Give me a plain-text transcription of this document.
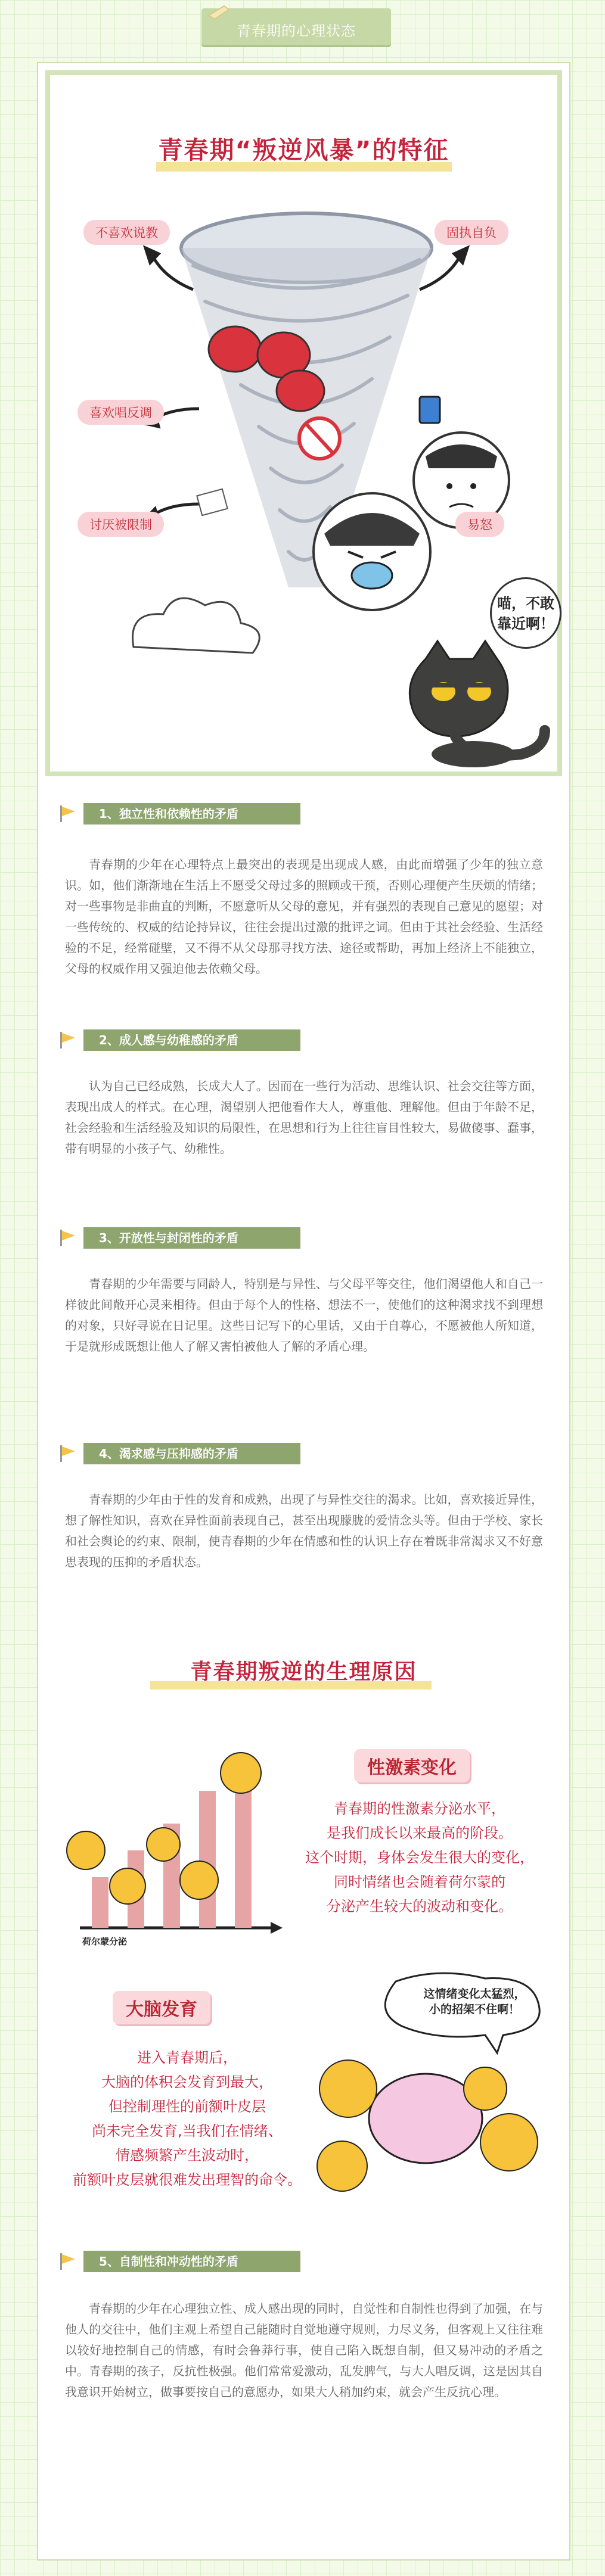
青春期的心理状态
青春期“叛逆风暴”的特征
不喜欢说教	固执自负
喜欢唱反调
讨厌被限制	易怒
喵，不敢
靠近啊！
1、独立性和依赖性的矛盾

青春期的少年在心理特点上最突出的表现是出现成人感，由此而增强了少年的独立意识。如，他们渐渐地在生活上不愿受父母过多的照顾或干预，否则心理便产生厌烦的情绪；对一些事物是非曲直的判断，不愿意听从父母的意见，并有强烈的表现自己意见的愿望；对一些传统的、权威的结论持异议，往往会提出过激的批评之词。但由于其社会经验、生活经验的不足，经常碰壁，又不得不从父母那寻找方法、途径或帮助，再加上经济上不能独立，父母的权威作用又强迫他去依赖父母。

2、成人感与幼稚感的矛盾

认为自己已经成熟，长成大人了。因而在一些行为活动、思维认识、社会交往等方面，表现出成人的样式。在心理，渴望别人把他看作大人，尊重他、理解他。但由于年龄不足，社会经验和生活经验及知识的局限性，在思想和行为上往往盲目性较大，易做傻事、蠢事，带有明显的小孩子气、幼稚性。

3、开放性与封闭性的矛盾

青春期的少年需要与同龄人，特别是与异性、与父母平等交往，他们渴望他人和自己一样彼此间敞开心灵来相待。但由于每个人的性格、想法不一，使他们的这种渴求找不到理想的对象，只好寻说在日记里。这些日记写下的心里话，又由于自尊心，不愿被他人所知道，于是就形成既想让他人了解又害怕被他人了解的矛盾心理。

4、渴求感与压抑感的矛盾

青春期的少年由于性的发育和成熟，出现了与异性交往的渴求。比如，喜欢接近异性，想了解性知识，喜欢在异性面前表现自己，甚至出现朦胧的爱情念头等。但由于学校、家长和社会舆论的约束、限制，使青春期的少年在情感和性的认识上存在着既非常渴求又不好意思表现的压抑的矛盾状态。

青春期叛逆的生理原因
荷尔蒙分泌
性激素变化

青春期的性激素分泌水平，
是我们成长以来最高的阶段。
这个时期，身体会发生很大的变化，
同时情绪也会随着荷尔蒙的
分泌产生较大的波动和变化。

大脑发育

进入青春期后，
大脑的体积会发育到最大，
但控制理性的前额叶皮层
尚未完全发育,当我们在情绪、
情感频繁产生波动时，
前额叶皮层就很难发出理智的命令。

这情绪变化太猛烈，
小的招架不住啊！
5、自制性和冲动性的矛盾

青春期的少年在心理独立性、成人感出现的同时，自觉性和自制性也得到了加强，在与他人的交往中，他们主观上希望自己能随时自觉地遵守规则，力尽义务，但客观上又往往难以较好地控制自己的情感，有时会鲁莽行事，使自己陷入既想自制，但又易冲动的矛盾之中。青春期的孩子，反抗性极强。他们常常爱激动，乱发脾气，与大人唱反调，这是因其自我意识开始树立，做事要按自己的意愿办，如果大人稍加约束，就会产生反抗心理。
